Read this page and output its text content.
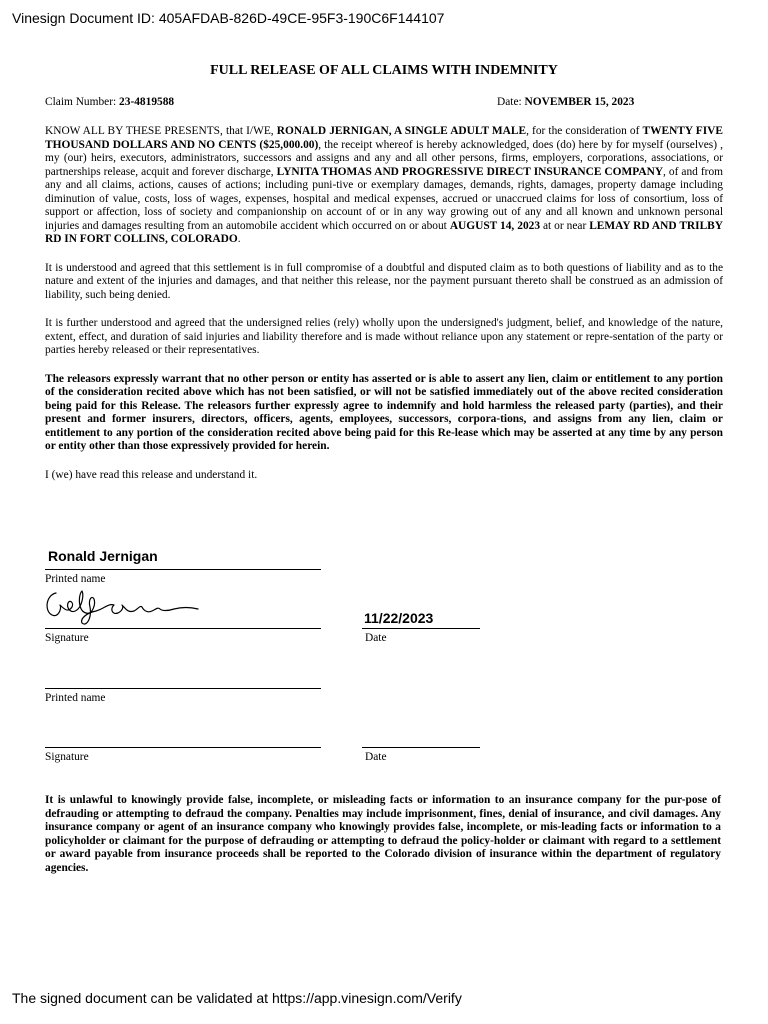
Vinesign Document ID: 405AFDAB-826D-49CE-95F3-190C6F144107
FULL RELEASE OF ALL CLAIMS WITH INDEMNITY
Claim Number: 23-4819588	Date: NOVEMBER 15, 2023

KNOW ALL BY THESE PRESENTS, that I/WE, RONALD JERNIGAN, A SINGLE ADULT MALE, for the consideration of TWENTY FIVE THOUSAND DOLLARS AND NO CENTS ($25,000.00), the receipt whereof is hereby acknowledged, does (do) here by for myself (ourselves) , my (our) heirs, executors, administrators, successors and assigns and any and all other persons, firms, employers, corporations, associations, or partnerships release, acquit and forever discharge, LYNITA THOMAS AND PROGRESSIVE DIRECT INSURANCE COMPANY, of and from any and all claims, actions, causes of actions; including puni-tive or exemplary damages, demands, rights, damages, property damage including diminution of value, costs, loss of wages, expenses, hospital and medical expenses, accrued or unaccrued claims for loss of consortium, loss of support or affection, loss of society and companionship on account of or in any way growing out of any and all known and unknown personal injuries and damages resulting from an automobile accident which occurred on or about AUGUST 14, 2023 at or near LEMAY RD AND TRILBY RD IN FORT COLLINS, COLORADO.

It is understood and agreed that this settlement is in full compromise of a doubtful and disputed claim as to both questions of liability and as to the nature and extent of the injuries and damages, and that neither this release, nor the payment pursuant thereto shall be construed as an admission of liability, such being denied.

It is further understood and agreed that the undersigned relies (rely) wholly upon the undersigned's judgment, belief, and knowledge of the nature, extent, effect, and duration of said injuries and liability therefore and is made without reliance upon any statement or repre-sentation of the party or parties hereby released or their representatives.

The releasors expressly warrant that no other person or entity has asserted or is able to assert any lien, claim or entitlement to any portion of the consideration recited above which has not been satisfied, or will not be satisfied immediately out of the above recited consideration being paid for this Release. The releasors further expressly agree to indemnify and hold harmless the released party (parties), and their present and former insurers, directors, officers, agents, employees, successors, corpora-tions, and assigns from any lien, claim or entitlement to any portion of the consideration recited above being paid for this Re-lease which may be asserted at any time by any person or entity other than those expressively provided for herein.

I (we) have read this release and understand it.

Ronald Jernigan
Printed name
Signature
11/22/2023
Date
Printed name
Signature	Date
It is unlawful to knowingly provide false, incomplete, or misleading facts or information to an insurance company for the pur-pose of defrauding or attempting to defraud the company. Penalties may include imprisonment, fines, denial of insurance, and civil damages. Any insurance company or agent of an insurance company who knowingly provides false, incomplete, or mis-leading facts or information to a policyholder or claimant for the purpose of defrauding or attempting to defraud the policy-holder or claimant with regard to a settlement or award payable from insurance proceeds shall be reported to the Colorado division of insurance within the department of regulatory agencies.
The signed document can be validated at https://app.vinesign.com/Verify
